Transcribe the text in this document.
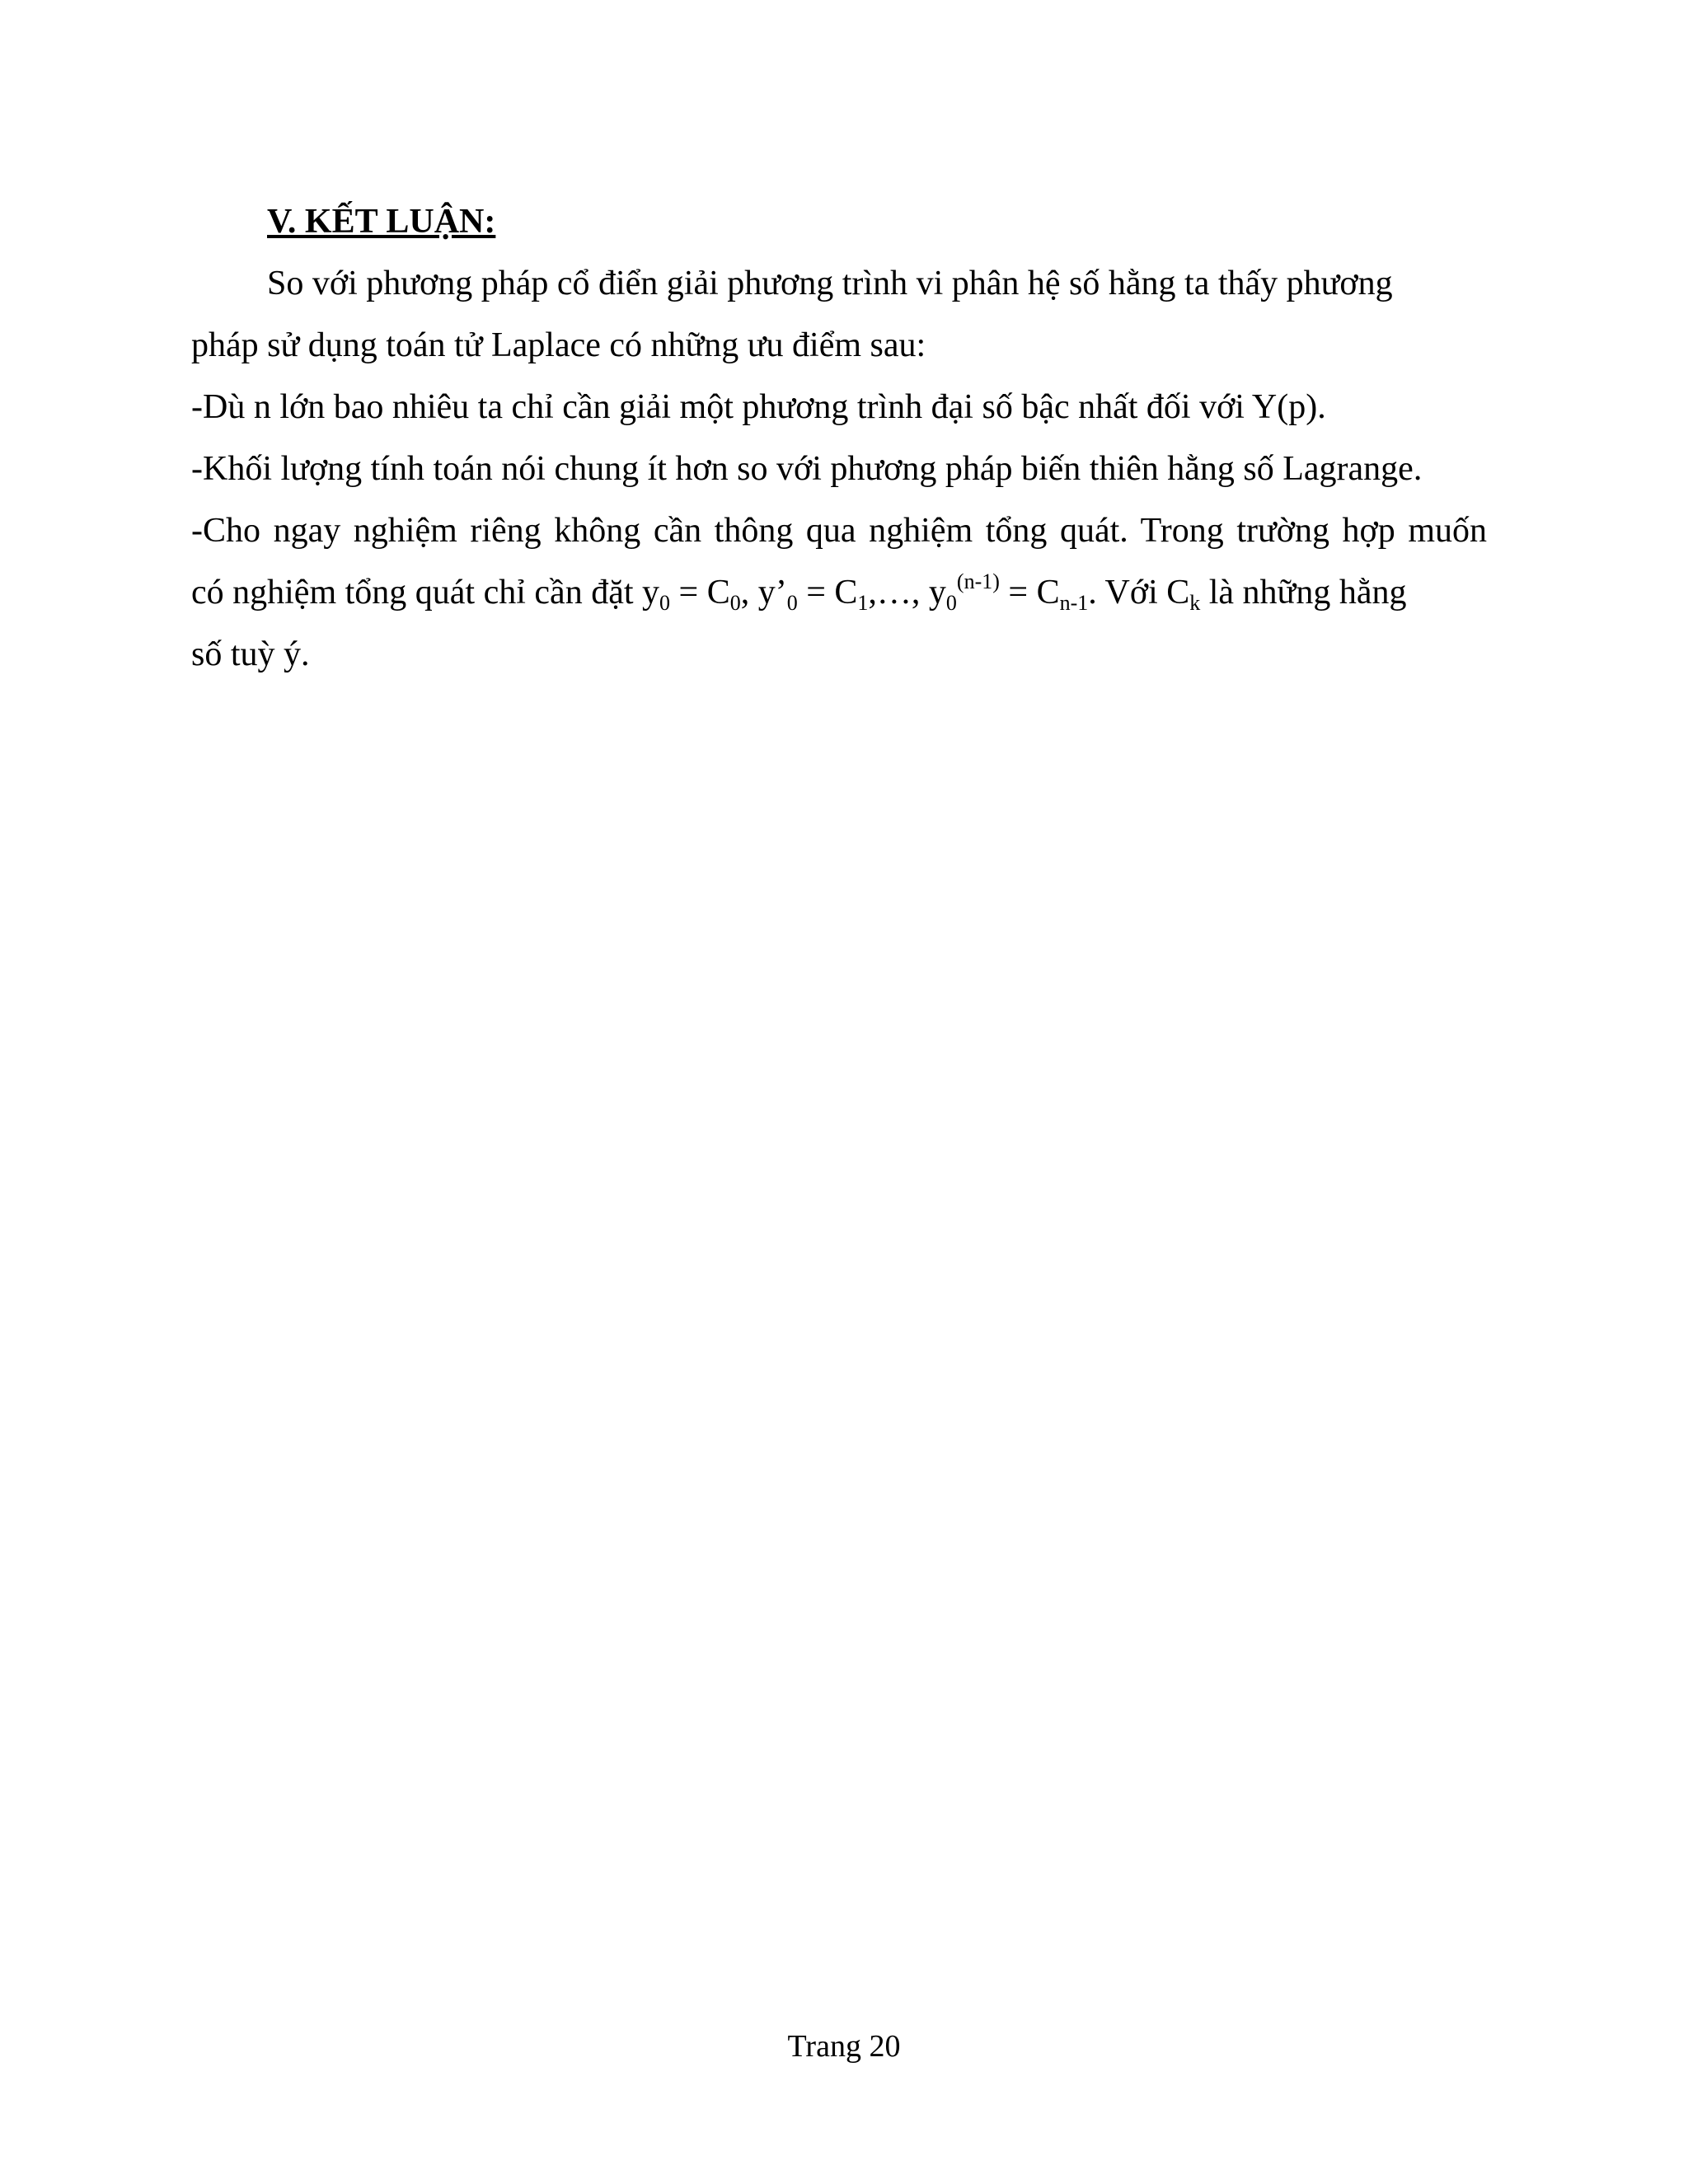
V. KẾT LUẬN:

So với phương pháp cổ điển giải phương trình vi phân hệ số hằng ta thấy phương
pháp sử dụng toán tử Laplace có những ưu điểm sau:

-Dù n lớn bao nhiêu ta chỉ cần giải một phương trình đại số bậc nhất đối với Y(p).

-Khối lượng tính toán nói chung ít hơn so với phương pháp biến thiên hằng số Lagrange.

-Cho ngay nghiệm riêng không cần thông qua nghiệm tổng quát. Trong trường hợp muốn
có nghiệm tổng quát chỉ cần đặt $y_0 = C_0$, $y’_0$ = $C_1,\dots$, $y_0^{(n-1)} = C_{n-1}$. Với $C_k$ là những hằng
số tuỳ ý.

Trang 20
